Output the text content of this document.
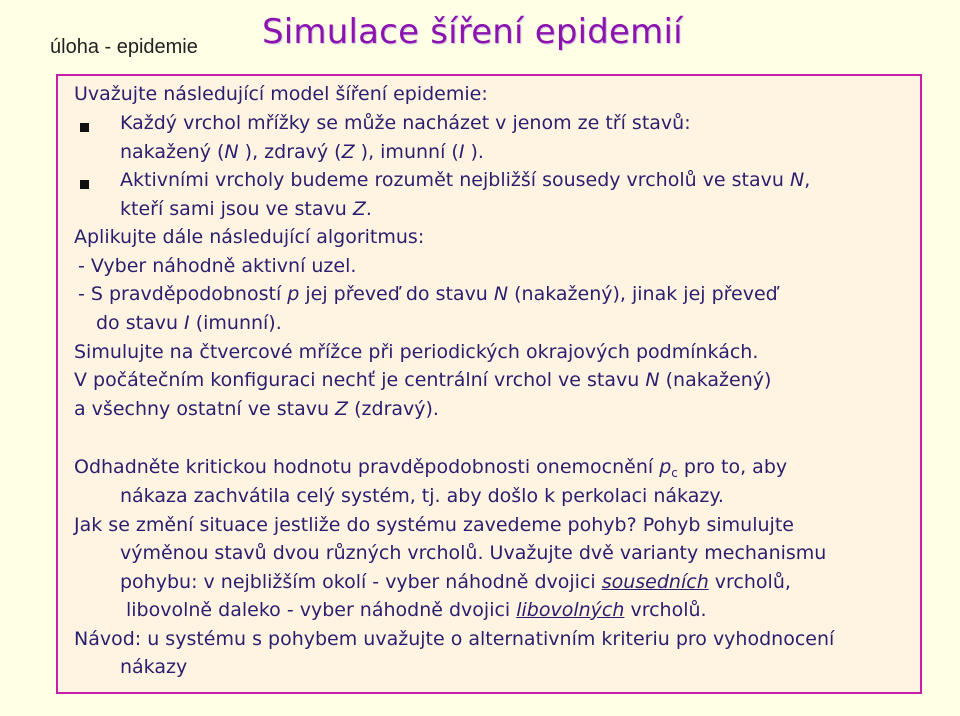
úloha - epidemie Simulace šíření epidemií
Uvažujte následující model šíření epidemie:
Každý vrchol mřížky se může nacházet v jenom ze tří stavů:
nakažený (N ), zdravý (Z ), imunní (I ).
Aktivními vrcholy budeme rozumět nejbližší sousedy vrcholů ve stavu N,
kteří sami jsou ve stavu Z.
Aplikujte dále následující algoritmus:
- Vyber náhodně aktivní uzel.
- S pravděpodobností p jej převeď do stavu N (nakažený), jinak jej převeď
do stavu I (imunní).
Simulujte na čtvercové mřížce při periodických okrajových podmínkách.
V počátečním konfiguraci nechť je centrální vrchol ve stavu N (nakažený)
a všechny ostatní ve stavu Z (zdravý).
Odhadněte kritickou hodnotu pravděpodobnosti onemocnění $p_c$ pro to, aby
nákaza zachvátila celý systém, tj. aby došlo k perkolaci nákazy.
Jak se změní situace jestliže do systému zavedeme pohyb? Pohyb simulujte
výměnou stavů dvou různých vrcholů. Uvažujte dvě varianty mechanismu
pohybu: v nejbližším okolí - vyber náhodně dvojici sousedních vrcholů,
libovolně daleko - vyber náhodně dvojici libovolných vrcholů.
Návod: u systému s pohybem uvažujte o alternativním kriteriu pro vyhodnocení
nákazy
